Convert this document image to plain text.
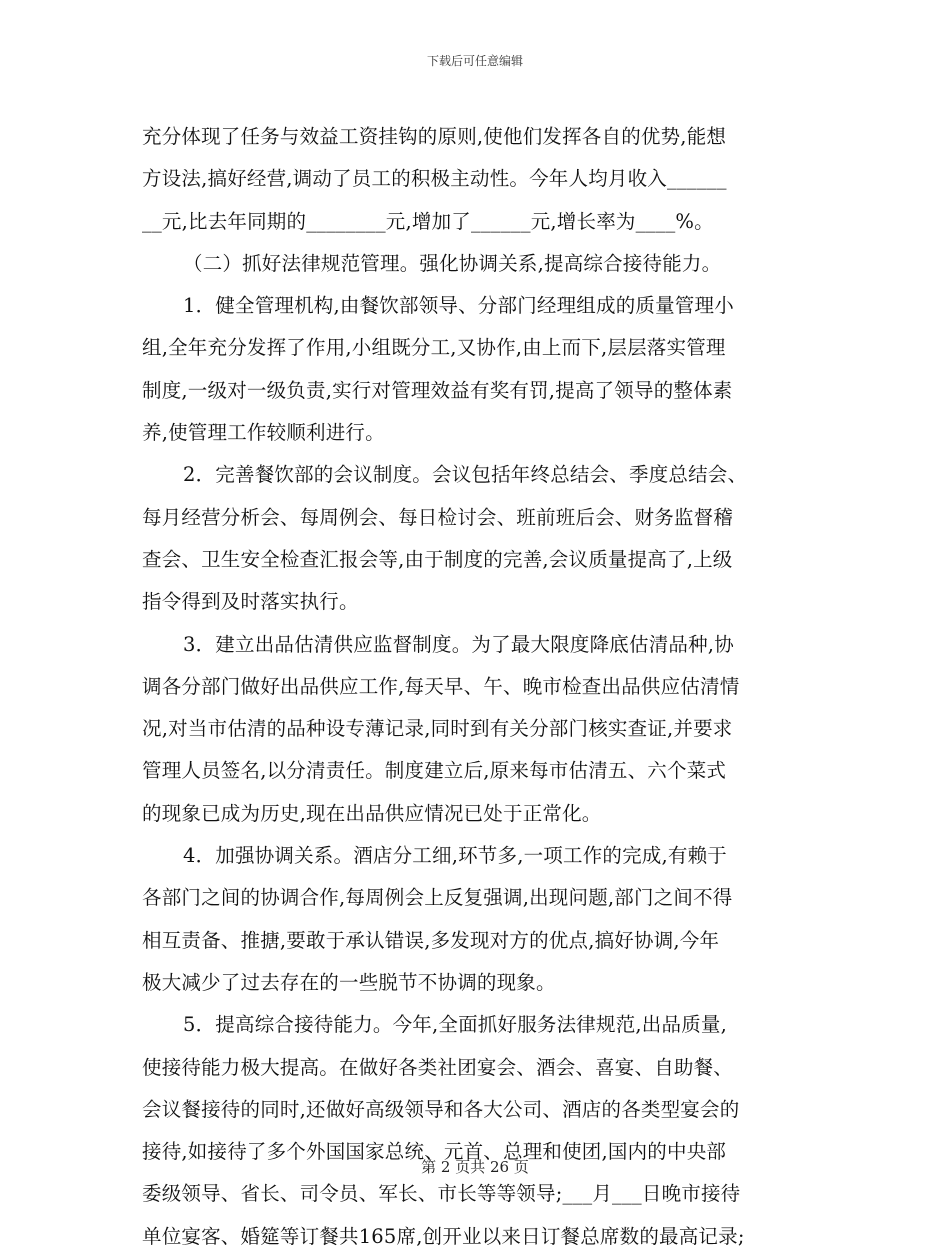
下载后可任意编辑
充分体现了任务与效益工资挂钩的原则,使他们发挥各自的优势,能想
方设法,搞好经营,调动了员工的积极主动性。今年人均月收入______
__元,比去年同期的________元,增加了______元,增长率为____%。
（二）抓好法律规范管理。强化协调关系,提高综合接待能力。
1．健全管理机构,由餐饮部领导、分部门经理组成的质量管理小
组,全年充分发挥了作用,小组既分工,又协作,由上而下,层层落实管理
制度,一级对一级负责,实行对管理效益有奖有罚,提高了领导的整体素
养,使管理工作较顺利进行。
2．完善餐饮部的会议制度。会议包括年终总结会、季度总结会、
每月经营分析会、每周例会、每日检讨会、班前班后会、财务监督稽
查会、卫生安全检查汇报会等,由于制度的完善,会议质量提高了,上级
指令得到及时落实执行。
3．建立出品估清供应监督制度。为了最大限度降底估清品种,协
调各分部门做好出品供应工作,每天早、午、晚市检查出品供应估清情
况,对当市估清的品种设专薄记录,同时到有关分部门核实查证,并要求
管理人员签名,以分清责任。制度建立后,原来每市估清五、六个菜式
的现象已成为历史,现在出品供应情况已处于正常化。
4．加强协调关系。酒店分工细,环节多,一项工作的完成,有赖于
各部门之间的协调合作,每周例会上反复强调,出现问题,部门之间不得
相互责备、推搪,要敢于承认错误,多发现对方的优点,搞好协调,今年
极大减少了过去存在的一些脱节不协调的现象。
5．提高综合接待能力。今年,全面抓好服务法律规范,出品质量,
使接待能力极大提高。在做好各类社团宴会、酒会、喜宴、自助餐、
会议餐接待的同时,还做好高级领导和各大公司、酒店的各类型宴会的
接待,如接待了多个外国国家总统、元首、总理和使团,国内的中央部
委级领导、省长、司令员、军长、市长等等领导;___月___日晚市接待
单位宴客、婚筵等订餐共165席,创开业以来日订餐总席数的最高记录;
第 2 页共 26 页
